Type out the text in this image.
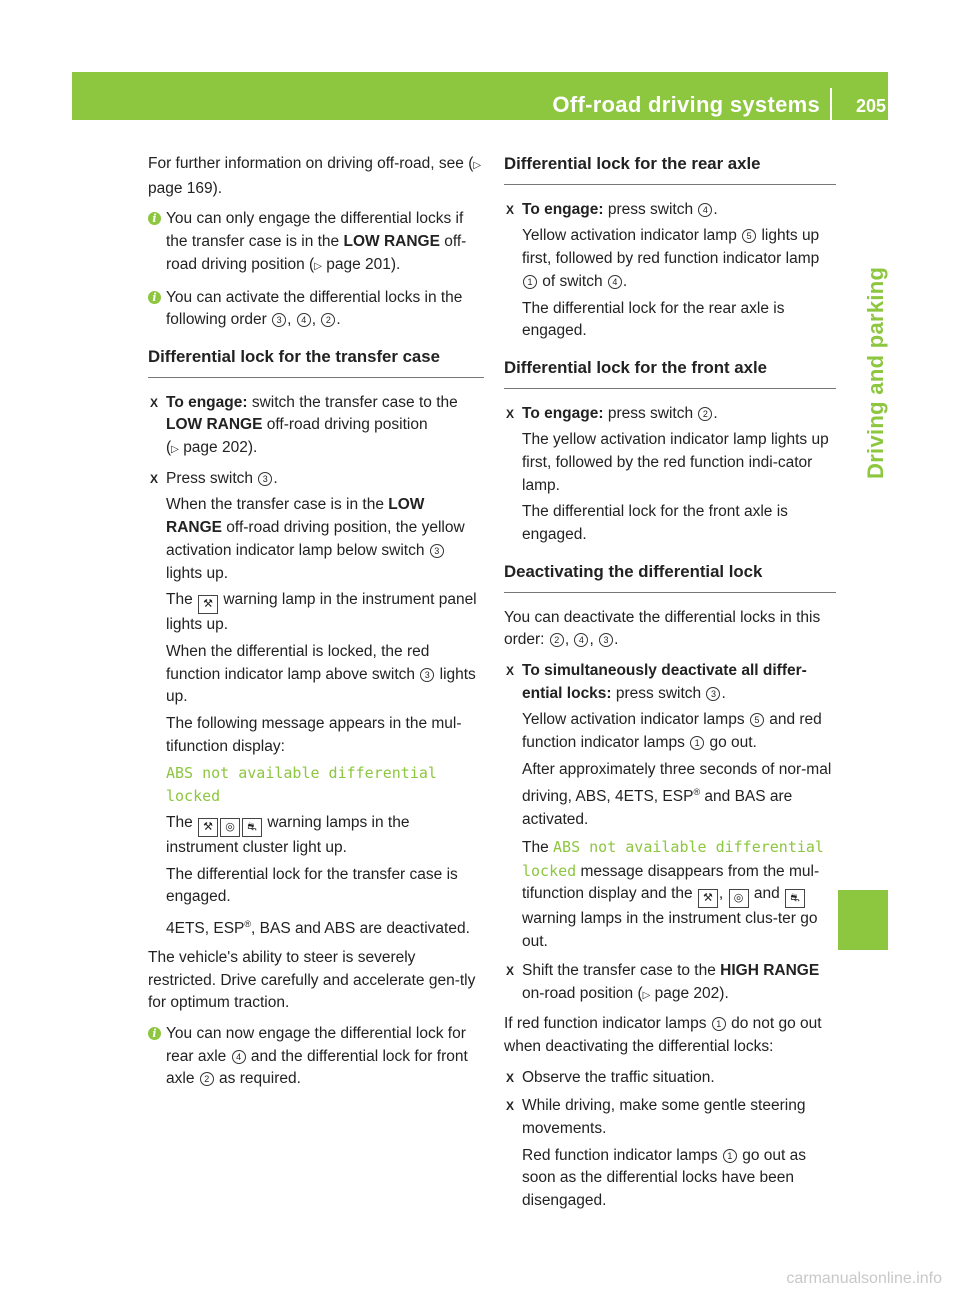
Off-road driving systems 205
Driving and parking

For further information on driving off-road, see (▷ page 169).

i You can only engage the differential locks if the transfer case is in the LOW RANGE off-road driving position (▷ page 201).
i You can activate the differential locks in the following order 3 , 4 , 2 .
Differential lock for the transfer case
X To engage: switch the transfer case to the LOW RANGE off-road driving position
(▷ page 202).

X Press switch 3 .

When the transfer case is in the LOW RANGE off-road driving position, the yellow activation indicator lamp below switch 3 lights up.

The ⚒ warning lamp in the instrument panel lights up.

When the differential is locked, the red function indicator lamp above switch 3 lights up.

The following message appears in the mul-tifunction display:

ABS not available differential locked

The ⚒ ◎ ⛐ warning lamps in the instrument cluster light up.

The differential lock for the transfer case is engaged.

4ETS, ESP®, BAS and ABS are deactivated.

The vehicle's ability to steer is severely restricted. Drive carefully and accelerate gen-tly for optimum traction.

i You can now engage the differential lock for rear axle 4 and the differential lock for front axle 2 as required.
Differential lock for the rear axle
X To engage: press switch 4 .

Yellow activation indicator lamp 5 lights up first, followed by red function indicator lamp 1 of switch 4 .

The differential lock for the rear axle is engaged.

Differential lock for the front axle
X To engage: press switch 2 .

The yellow activation indicator lamp lights up first, followed by the red function indi-cator lamp.

The differential lock for the front axle is engaged.

Deactivating the differential lock

You can deactivate the differential locks in this order: 2 , 4 , 3 .

X To simultaneously deactivate all differ-ential locks: press switch 3 .

Yellow activation indicator lamps 5 and red function indicator lamps 1 go out.

After approximately three seconds of nor-mal driving, ABS, 4ETS, ESP® and BAS are activated.

The ABS not available differential locked message disappears from the mul-tifunction display and the ⚒ , ◎ and ⛐ warning lamps in the instrument clus-ter go out.

X Shift the transfer case to the HIGH RANGE on-road position (▷ page 202).

If red function indicator lamps 1 do not go out when deactivating the differential locks:

X Observe the traffic situation.

X While driving, make some gentle steering movements.

Red function indicator lamps 1 go out as soon as the differential locks have been disengaged.

carmanualsonline.info
